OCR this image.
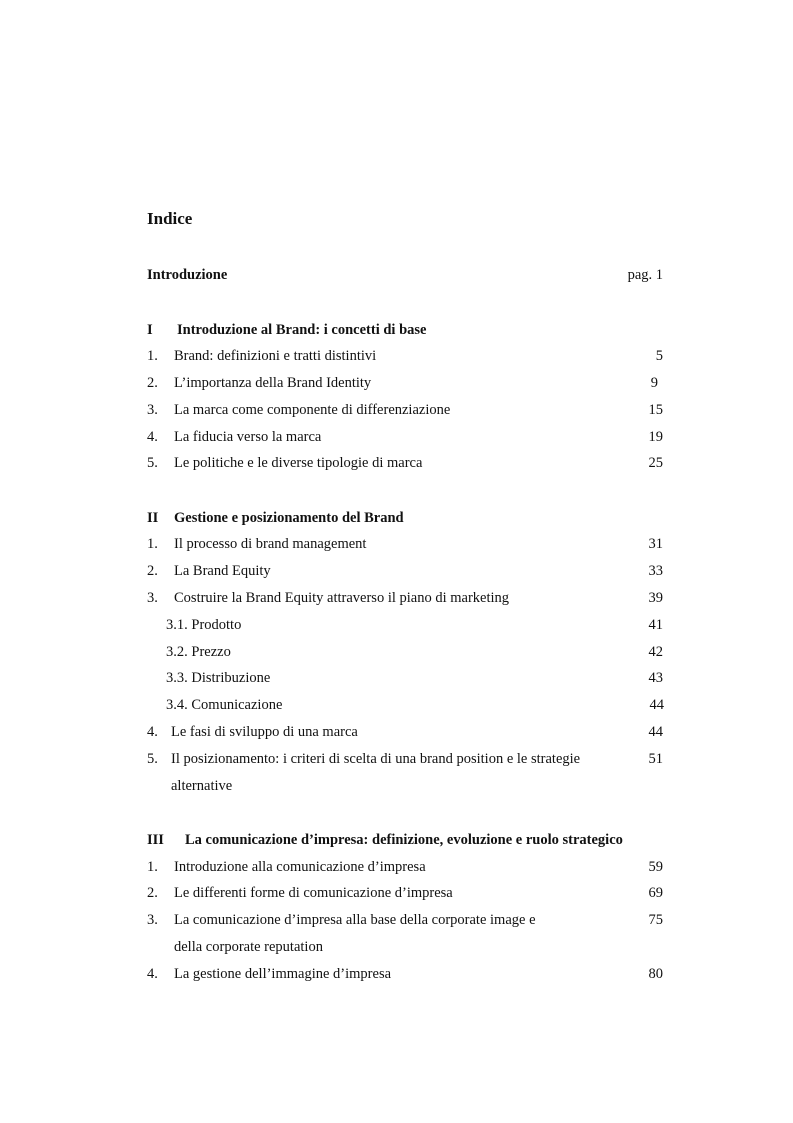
Indice
Introduzione	pag. 1
I Introduzione al Brand: i concetti di base
1. Brand: definizioni e tratti distintivi	5
2. L’importanza della Brand Identity	9
3. La marca come componente di differenziazione	15
4. La fiducia verso la marca	19
5. Le politiche e le diverse tipologie di marca	25
II Gestione e posizionamento del Brand
1. Il processo di brand management	31
2. La Brand Equity	33
3. Costruire la Brand Equity attraverso il piano di marketing	39
3.1. Prodotto	41
3.2. Prezzo	42
3.3. Distribuzione	43
3.4. Comunicazione	44
4. Le fasi di sviluppo di una marca	44
5. Il posizionamento: i criteri di scelta di una brand position e le strategie	51
alternative
III La comunicazione d’impresa: definizione, evoluzione e ruolo strategico
1. Introduzione alla comunicazione d’impresa	59
2. Le differenti forme di comunicazione d’impresa	69
3. La comunicazione d’impresa alla base della corporate image e	75
della corporate reputation
4. La gestione dell’immagine d’impresa	80
